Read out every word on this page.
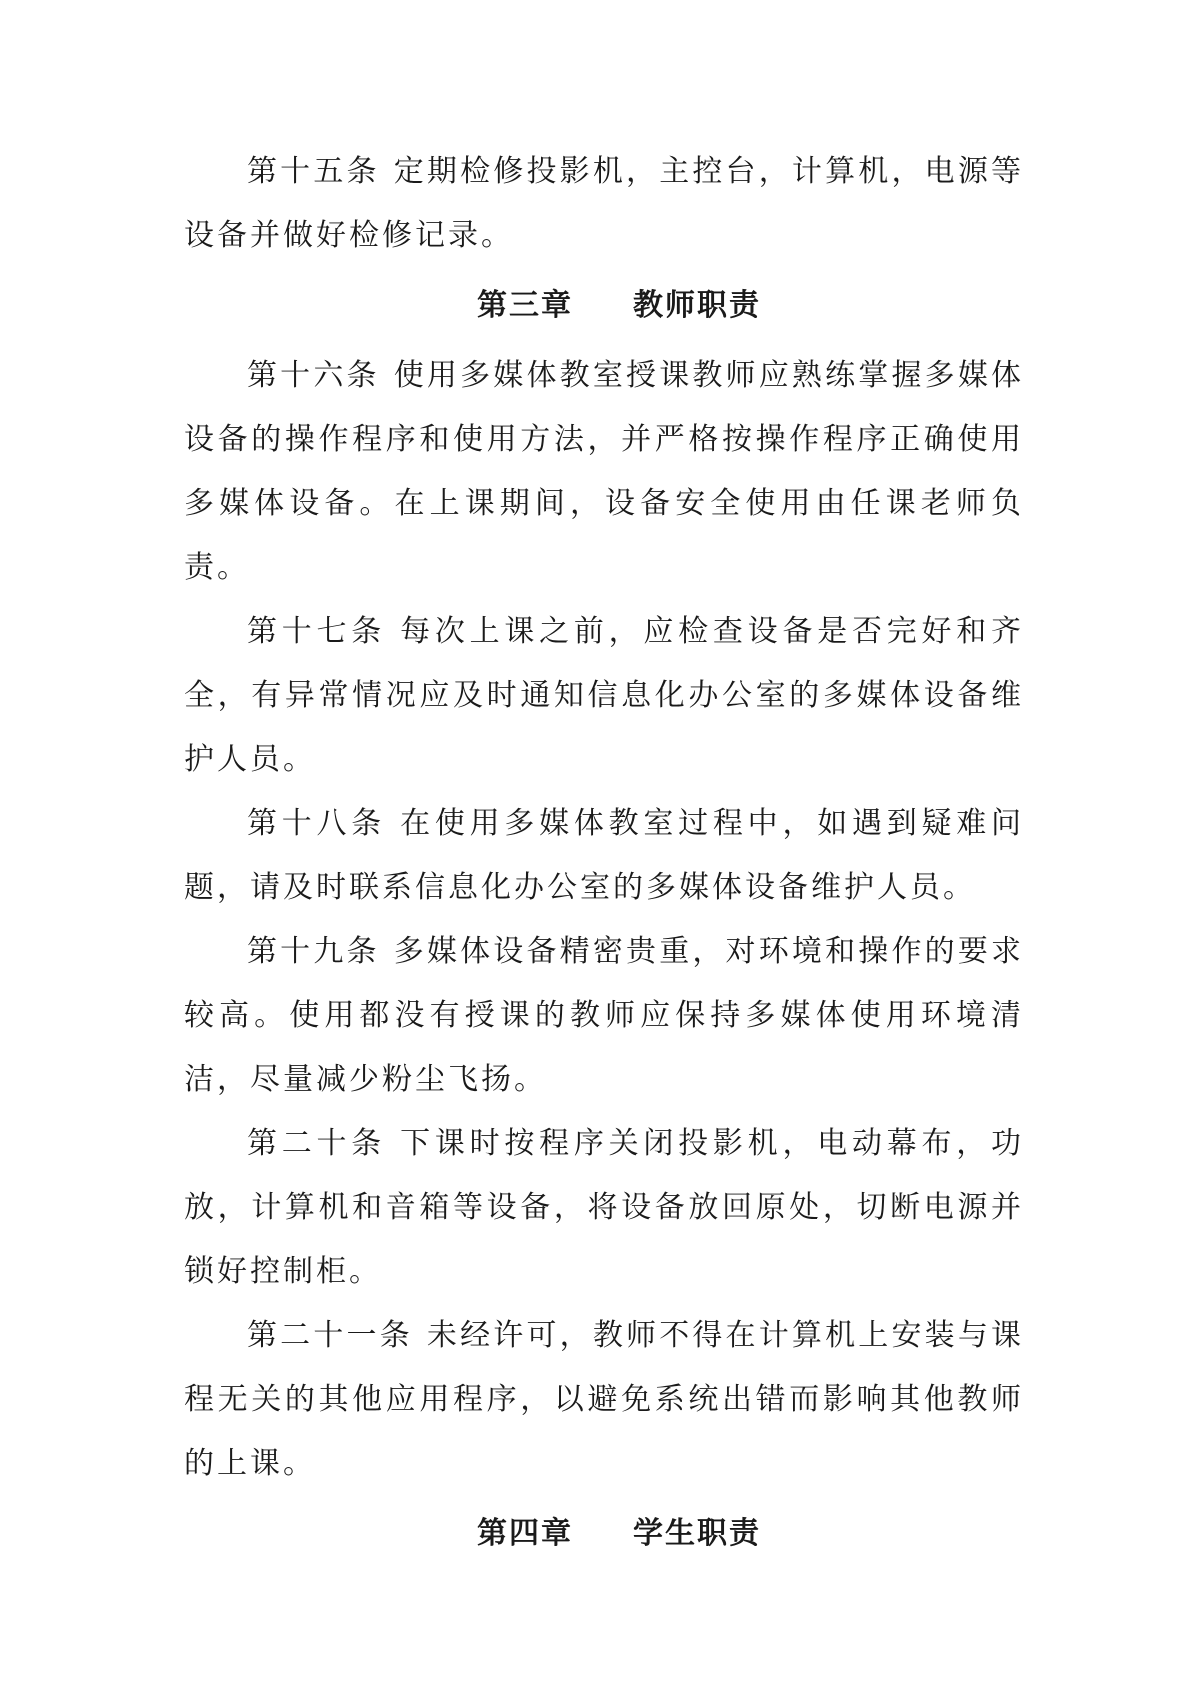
第十五条 定期检修投影机，主控台，计算机，电源等设备并做好检修记录。

第三章 教师职责

第十六条 使用多媒体教室授课教师应熟练掌握多媒体设备的操作程序和使用方法，并严格按操作程序正确使用多媒体设备。在上课期间，设备安全使用由任课老师负责。

第十七条 每次上课之前，应检查设备是否完好和齐全，有异常情况应及时通知信息化办公室的多媒体设备维护人员。

第十八条 在使用多媒体教室过程中，如遇到疑难问题，请及时联系信息化办公室的多媒体设备维护人员。

第十九条 多媒体设备精密贵重，对环境和操作的要求较高。使用都没有授课的教师应保持多媒体使用环境清洁，尽量减少粉尘飞扬。

第二十条 下课时按程序关闭投影机，电动幕布，功放，计算机和音箱等设备，将设备放回原处，切断电源并锁好控制柜。

第二十一条 未经许可，教师不得在计算机上安装与课程无关的其他应用程序，以避免系统出错而影响其他教师的上课。

第四章 学生职责
